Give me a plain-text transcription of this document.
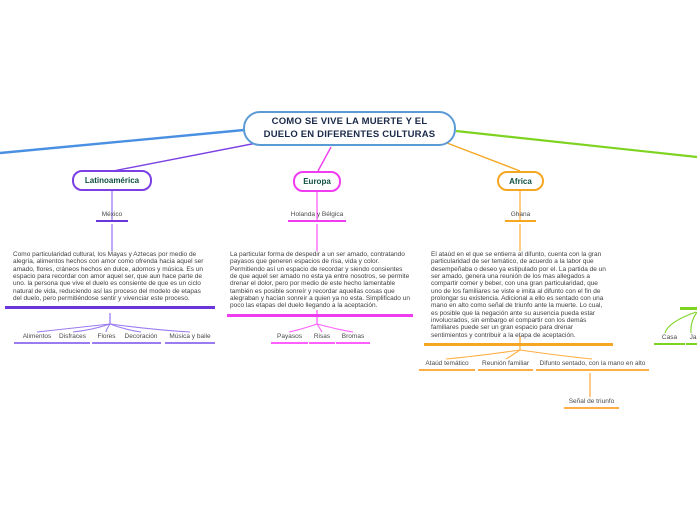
COMO SE VIVE LA MUERTE Y EL DUELO EN DIFERENTES CULTURAS
Latinoamérica	Europa	Africa
México	Holanda y Bélgica	Ghana
Como particularidad cultural, los Mayas y Aztecas por medio de alegría, alimentos hechos con amor como ofrenda hacia aquel ser amado, flores, cráneos hechos en dulce, adornos y música. Es un espacio para recordar con amor aquel ser, que aun hace parte de uno. la persona que vive el duelo es consiente de que es un ciclo natural de vida, reduciendo así las proceso del modelo de etapas del duelo, pero permitiéndose sentir y vivenciar este proceso.
La particular forma de despedir a un ser amado, contratando payasos que generen espacios de risa, vida y color. Permitiendo así un espacio de recordar y siendo consientes de que aquel ser amado no esta ya entre nosotros, se permite drenar el dolor, pero por medio de este hecho lamentable también es posible sonreír y recordar aquellas cosas que alegraban y hacían sonreír a quien ya no esta. Simplificado un poco las etapas del duelo llegando a la aceptación.
El ataúd en el que se entierra al difunto, cuenta con la gran particularidad de ser temático, de acuerdo a la labor que desempeñaba o deseo ya estipulado por el. La partida de un ser amado, genera una reunión de los mas allegados a compartir comer y beber, con una gran particularidad, que uno de los familiares se viste e imita al difunto con el fin de prolongar su existencia. Adicional a ello es sentado con una mano en alto como señal de triunfo ante la muerte. Lo cual, es posible que la negación ante su ausencia pueda estar involucrados, sin embargo el compartir con los demás familiares puede ser un gran espacio para drenar sentimientos y contribuir a la etapa de aceptación.
Alimentos	Disfraces	Flores	Decoración	Música y baile	Payasos	Risas	Bromas
Ataúd temático	Reunión familiar	Difunto sentado, con la mano en alto
Señal de triunfo
Casa	Ja
